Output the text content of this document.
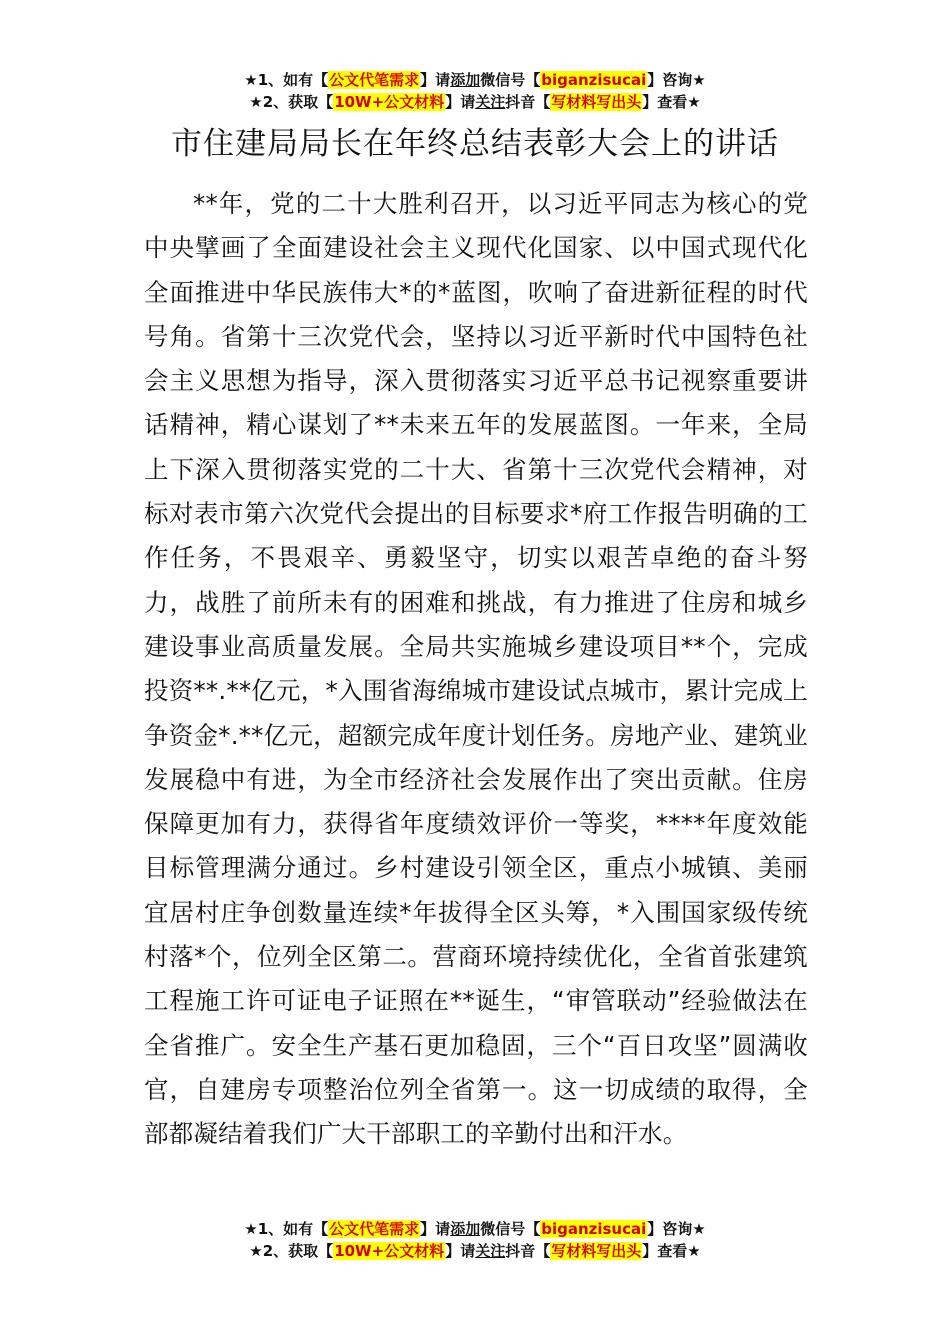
★1、如有【公文代笔需求】请添加微信号【biganzisucai】咨询★
★2、获取【10W+公文材料】请关注抖音【写材料写出头】查看★
市住建局局长在年终总结表彰大会上的讲话
**年，党的二十大胜利召开，以习近平同志为核心的党中央擘画了全面建设社会主义现代化国家、以中国式现代化全面推进中华民族伟大*的*蓝图，吹响了奋进新征程的时代号角。省第十三次党代会，坚持以习近平新时代中国特色社会主义思想为指导，深入贯彻落实习近平总书记视察重要讲话精神，精心谋划了**未来五年的发展蓝图。一年来，全局上下深入贯彻落实党的二十大、省第十三次党代会精神，对标对表市第六次党代会提出的目标要求*府工作报告明确的工作任务，不畏艰辛、勇毅坚守，切实以艰苦卓绝的奋斗努力，战胜了前所未有的困难和挑战，有力推进了住房和城乡建设事业高质量发展。全局共实施城乡建设项目**个，完成投资**.**亿元，*入围省海绵城市建设试点城市，累计完成上争资金*.**亿元，超额完成年度计划任务。房地产业、建筑业发展稳中有进，为全市经济社会发展作出了突出贡献。住房保障更加有力，获得省年度绩效评价一等奖，****年度效能目标管理满分通过。乡村建设引领全区，重点小城镇、美丽宜居村庄争创数量连续*年拔得全区头筹，*入围国家级传统村落*个，位列全区第二。营商环境持续优化，全省首张建筑工程施工许可证电子证照在**诞生，“审管联动”经验做法在全省推广。安全生产基石更加稳固，三个“百日攻坚”圆满收官，自建房专项整治位列全省第一。这一切成绩的取得，全部都凝结着我们广大干部职工的辛勤付出和汗水。
★1、如有【公文代笔需求】请添加微信号【biganzisucai】咨询★
★2、获取【10W+公文材料】请关注抖音【写材料写出头】查看★
